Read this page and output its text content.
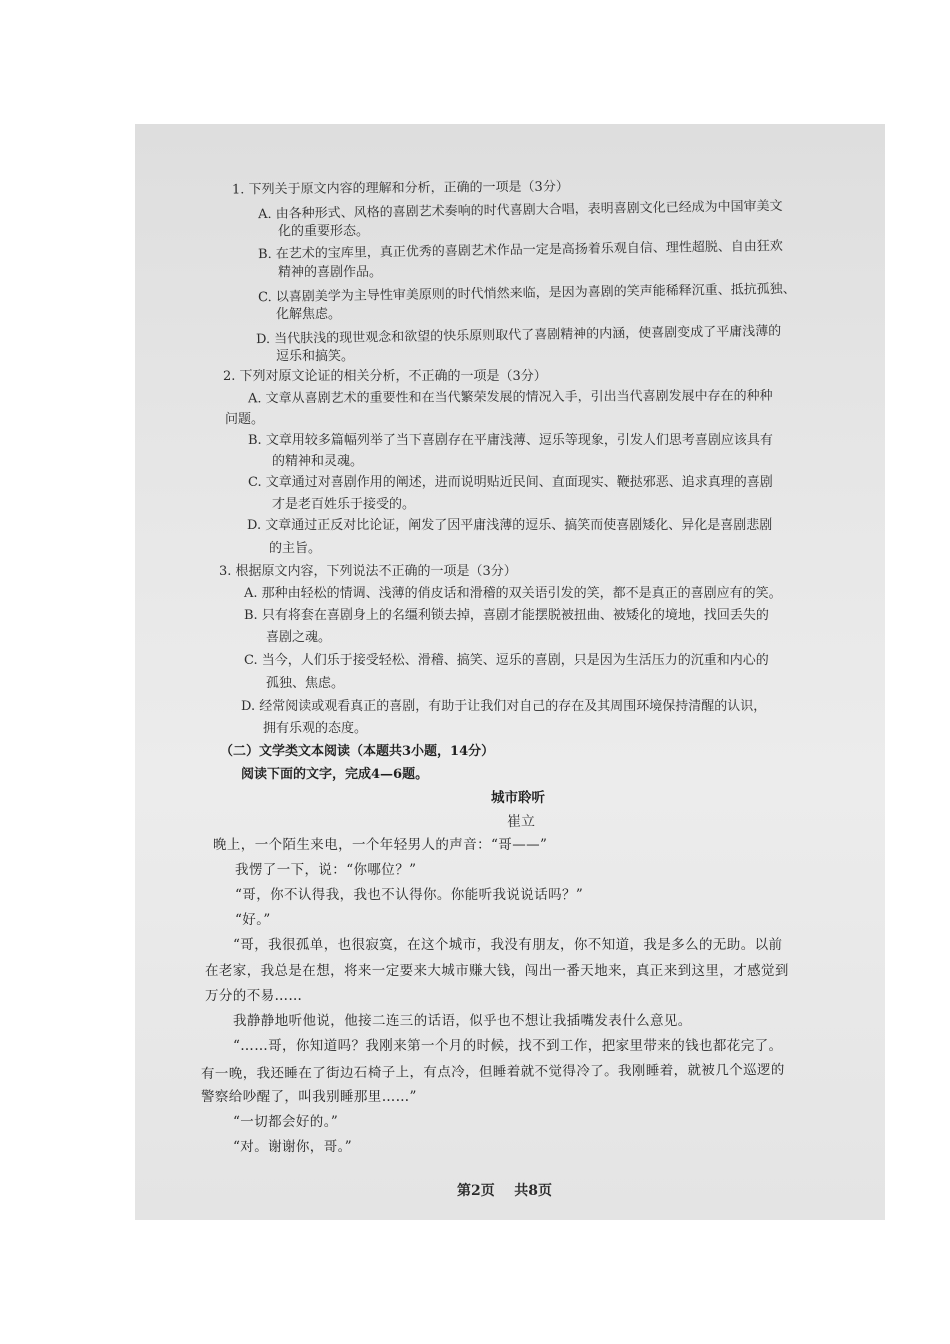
1. 下列关于原文内容的理解和分析，正确的一项是（3分）
A. 由各种形式、风格的喜剧艺术奏响的时代喜剧大合唱，表明喜剧文化已经成为中国审美文
化的重要形态。
B. 在艺术的宝库里，真正优秀的喜剧艺术作品一定是高扬着乐观自信、理性超脱、自由狂欢
精神的喜剧作品。
C. 以喜剧美学为主导性审美原则的时代悄然来临，是因为喜剧的笑声能稀释沉重、抵抗孤独、
化解焦虑。
D. 当代肤浅的现世观念和欲望的快乐原则取代了喜剧精神的内涵，使喜剧变成了平庸浅薄的
逗乐和搞笑。
2. 下列对原文论证的相关分析，不正确的一项是（3分）
A. 文章从喜剧艺术的重要性和在当代繁荣发展的情况入手，引出当代喜剧发展中存在的种种
问题。
B. 文章用较多篇幅列举了当下喜剧存在平庸浅薄、逗乐等现象，引发人们思考喜剧应该具有
的精神和灵魂。
C. 文章通过对喜剧作用的阐述，进而说明贴近民间、直面现实、鞭挞邪恶、追求真理的喜剧
才是老百姓乐于接受的。
D. 文章通过正反对比论证，阐发了因平庸浅薄的逗乐、搞笑而使喜剧矮化、异化是喜剧悲剧
的主旨。
3. 根据原文内容，下列说法不正确的一项是（3分）
A. 那种由轻松的情调、浅薄的俏皮话和滑稽的双关语引发的笑，都不是真正的喜剧应有的笑。
B. 只有将套在喜剧身上的名缰利锁去掉，喜剧才能摆脱被扭曲、被矮化的境地，找回丢失的
喜剧之魂。
C. 当今，人们乐于接受轻松、滑稽、搞笑、逗乐的喜剧，只是因为生活压力的沉重和内心的
孤独、焦虑。
D. 经常阅读或观看真正的喜剧，有助于让我们对自己的存在及其周围环境保持清醒的认识，
拥有乐观的态度。
（二）文学类文本阅读（本题共3小题，14分）
阅读下面的文字，完成4—6题。
城市聆听
崔立
晚上，一个陌生来电，一个年轻男人的声音：“哥——”
我愣了一下，说：“你哪位？”
“哥，你不认得我，我也不认得你。你能听我说说话吗？”
“好。”
“哥，我很孤单，也很寂寞，在这个城市，我没有朋友，你不知道，我是多么的无助。以前
在老家，我总是在想，将来一定要来大城市赚大钱，闯出一番天地来，真正来到这里，才感觉到
万分的不易……
我静静地听他说，他接二连三的话语，似乎也不想让我插嘴发表什么意见。
“……哥，你知道吗？我刚来第一个月的时候，找不到工作，把家里带来的钱也都花完了。
有一晚，我还睡在了街边石椅子上，有点冷，但睡着就不觉得冷了。我刚睡着，就被几个巡逻的
警察给吵醒了，叫我别睡那里……”
“一切都会好的。”
“对。谢谢你，哥。”
第2页    共8页
